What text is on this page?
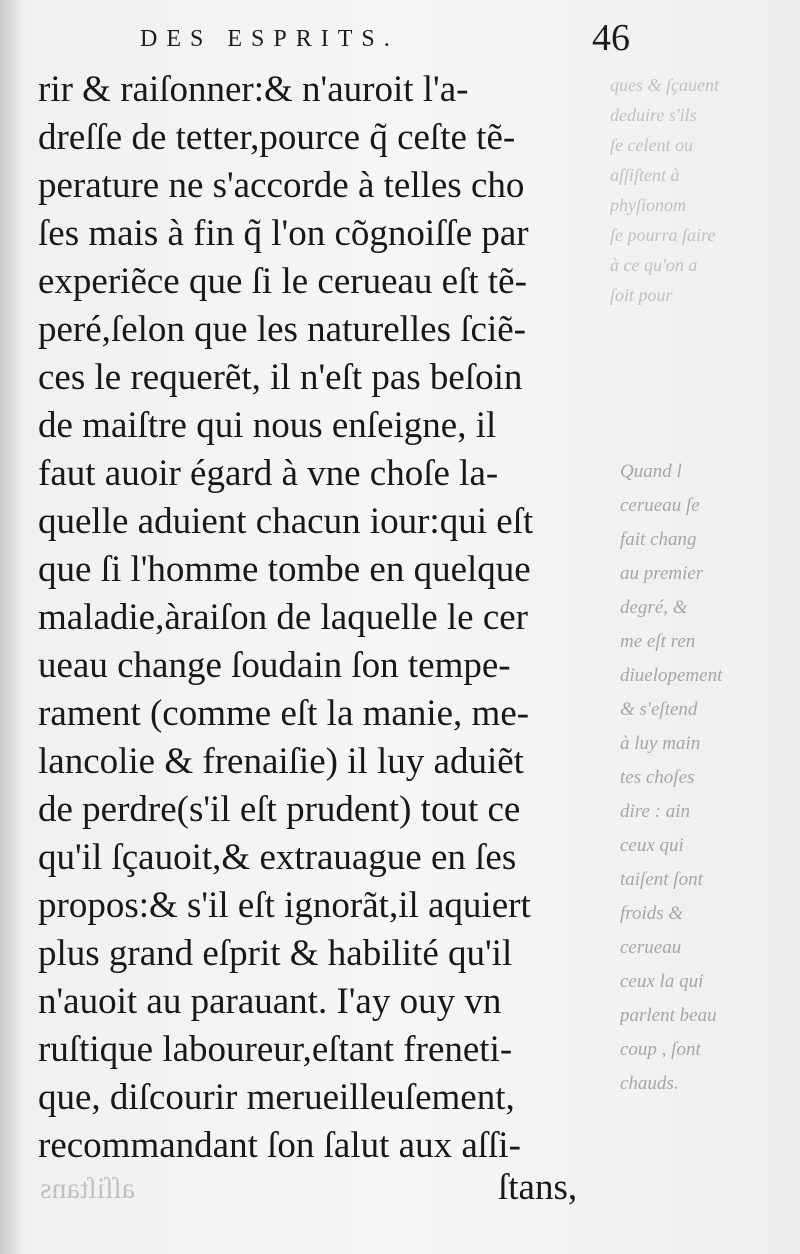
DES ESPRITS.	46
ques & ſçauent
deduire s'ils
ſe celent ou
aſſiſtent à
phyſionom
ſe pourra ſaire
à ce qu'on a
ſoit pour
Quand l
cerueau ſe
fait chang
au premier
degré, &
me eſt ren
diuelopement
& s'eſtend
à luy main
tes choſes
dire : ain
ceux qui
taiſent ſont
froids &
cerueau
ceux la qui
parlent beau
coup , ſont
chauds.
rir & raiſonner:& n'auroit l'a-
dreſſe de tetter,pource q̃ ceſte tẽ-
perature ne s'accorde à telles cho
ſes mais à fin q̃ l'on cõgnoiſſe par
experiẽce que ſi le cerueau eſt tẽ-
peré,ſelon que les naturelles ſciẽ-
ces le requerẽt, il n'eſt pas beſoin
de maiſtre qui nous enſeigne, il
faut auoir égard à vne choſe la-
quelle aduient chacun iour:qui eſt
que ſi l'homme tombe en quelque
maladie,àraiſon de laquelle le cer
ueau change ſoudain ſon tempe-
rament (comme eſt la manie, me-
lancolie & frenaiſie) il luy aduiẽt
de perdre(s'il eſt prudent) tout ce
qu'il ſçauoit,& extrauague en ſes
propos:& s'il eſt ignorãt,il aquiert
plus grand eſprit & habilité qu'il
n'auoit au parauant. I'ay ouy vn
ruſtique laboureur,eſtant freneti-
que, diſcourir merueilleuſement,
recommandant ſon ſalut aux aſſi-
aſſiſtans	ſtans,
